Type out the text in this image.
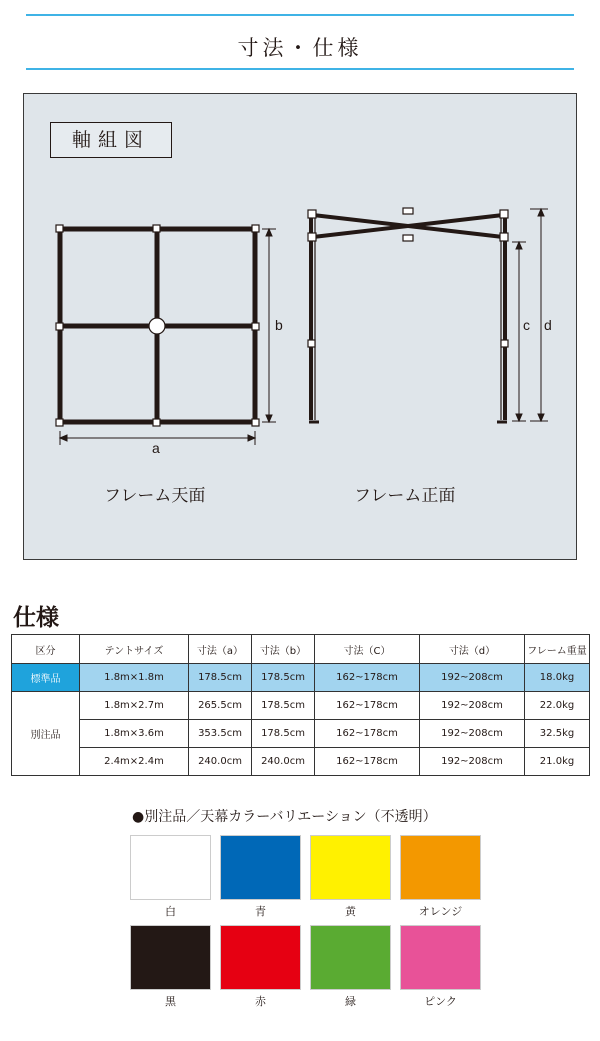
寸法・仕様
軸組図
a
b	c d
フレーム天面	フレーム正面
仕様
区分	テントサイズ	寸法（a）	寸法（b）	寸法（C）	寸法（d）	フレーム重量
標準品	1.8m×1.8m	178.5cm	178.5cm	162~178cm	192~208cm	18.0kg
別注品	1.8m×2.7m	265.5cm	178.5cm	162~178cm	192~208cm	22.0kg
	1.8m×3.6m	353.5cm	178.5cm	162~178cm	192~208cm	32.5kg
	2.4m×2.4m	240.0cm	240.0cm	162~178cm	192~208cm	21.0kg
●別注品／天幕カラーバリエーション（不透明）
白	青	黄	オレンジ
黒	赤	緑	ピンク
